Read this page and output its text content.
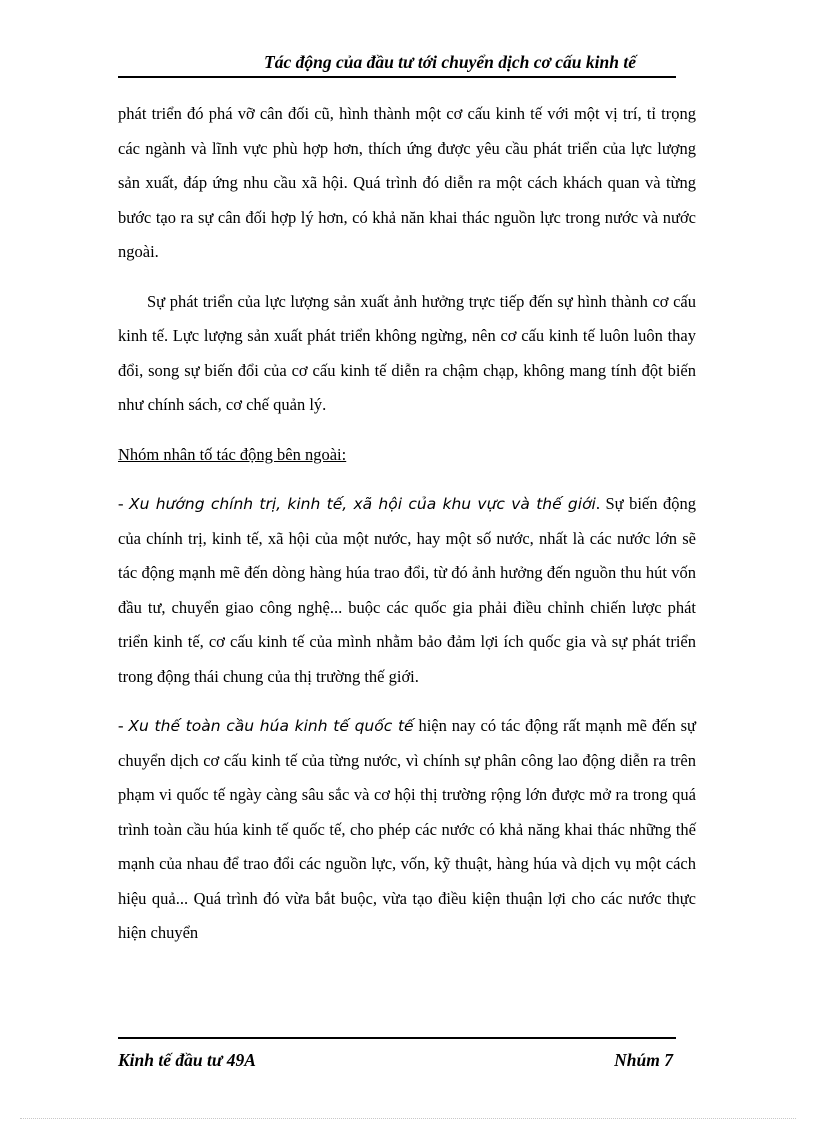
Tác động của đầu tư tới chuyển dịch cơ cấu kinh tế

phát triển đó phá vỡ cân đối cũ, hình thành một cơ cấu kinh tế với một vị trí, tỉ trọng các ngành và lĩnh vực phù hợp hơn, thích ứng được yêu cầu phát triển của lực lượng sản xuất, đáp ứng nhu cầu xã hội. Quá trình đó diễn ra một cách khách quan và từng bước tạo ra sự cân đối hợp lý hơn, có khả năn khai thác nguồn lực trong nước và nước ngoài.

Sự phát triển của lực lượng sản xuất ảnh hưởng trực tiếp đến sự hình thành cơ cấu kinh tế. Lực lượng sản xuất phát triển không ngừng, nên cơ cấu kinh tế luôn luôn thay đổi, song sự biến đổi của cơ cấu kinh tế diễn ra chậm chạp, không mang tính đột biến như chính sách, cơ chế quản lý.

Nhóm nhân tố tác động bên ngoài:

- Xu hướng chính trị, kinh tế, xã hội của khu vực và thế giới. Sự biến động của chính trị, kinh tế, xã hội của một nước, hay một số nước, nhất là các nước lớn sẽ tác động mạnh mẽ đến dòng hàng húa trao đổi, từ đó ảnh hưởng đến nguồn thu hút vốn đầu tư, chuyển giao công nghệ... buộc các quốc gia phải điều chỉnh chiến lược phát triển kinh tế, cơ cấu kinh tế của mình nhằm bảo đảm lợi ích quốc gia và sự phát triển trong động thái chung của thị trường thế giới.

- Xu thế toàn cầu húa kinh tế quốc tế hiện nay có tác động rất mạnh mẽ đến sự chuyển dịch cơ cấu kinh tế của từng nước, vì chính sự phân công lao động diễn ra trên phạm vi quốc tế ngày càng sâu sắc và cơ hội thị trường rộng lớn được mở ra trong quá trình toàn cầu húa kinh tế quốc tế, cho phép các nước có khả năng khai thác những thế mạnh của nhau để trao đổi các nguồn lực, vốn, kỹ thuật, hàng húa và dịch vụ một cách hiệu quả... Quá trình đó vừa bắt buộc, vừa tạo điều kiện thuận lợi cho các nước thực hiện chuyển

Kinh tế đầu tư 49A	Nhúm 7
